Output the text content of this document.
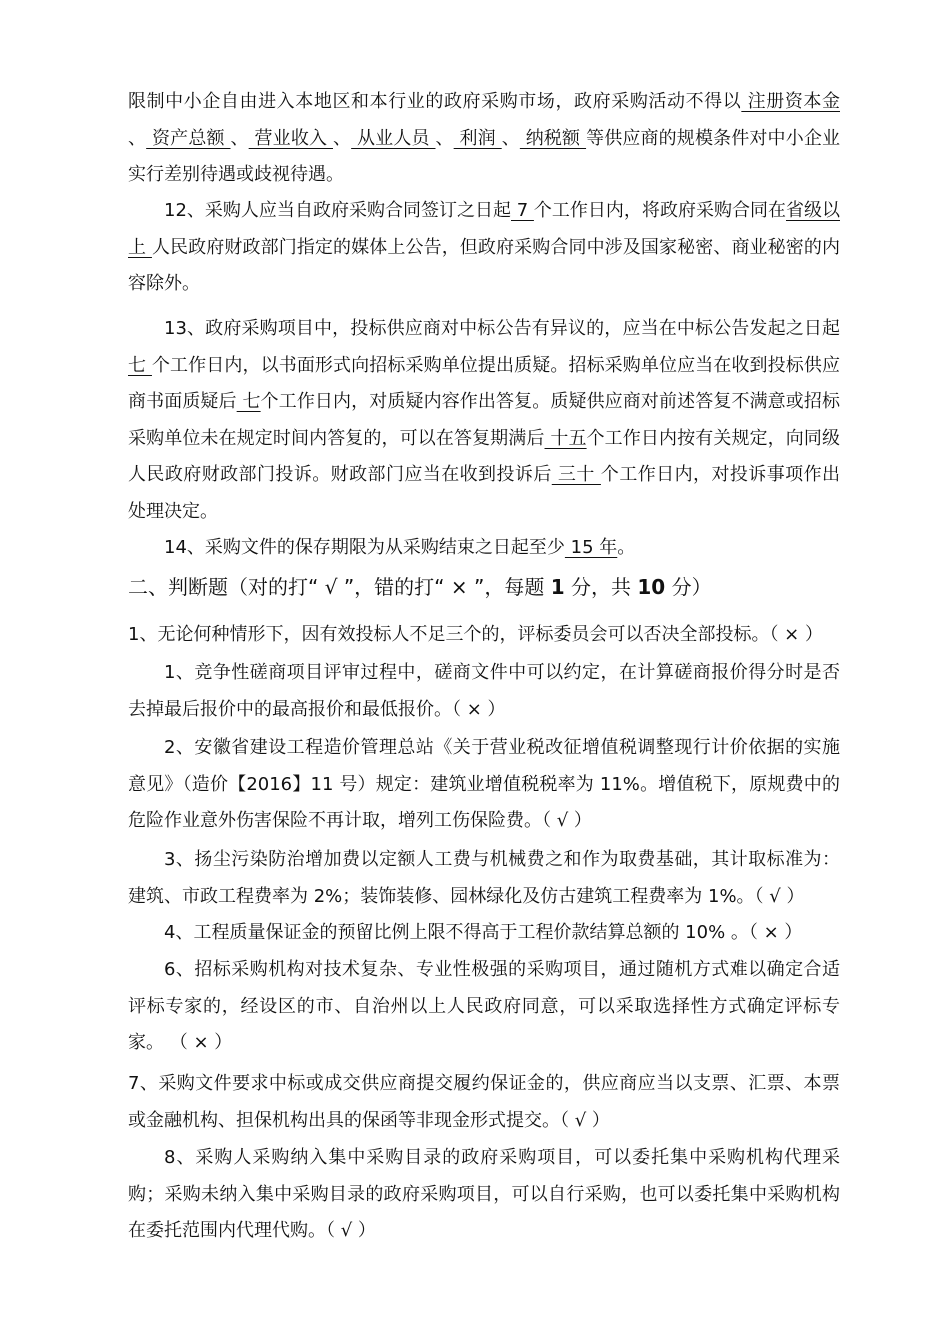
限制中小企自由进入本地区和本行业的政府采购市场，政府采购活动不得以 注册资本金 、 资产总额 、 营业收入 、 从业人员 、 利润 、 纳税额 等供应商的规模条件对中小企业实行差别待遇或歧视待遇。

12、采购人应当自政府采购合同签订之日起 7 个工作日内，将政府采购合同在省级以上 人民政府财政部门指定的媒体上公告，但政府采购合同中涉及国家秘密、商业秘密的内容除外。

13、政府采购项目中，投标供应商对中标公告有异议的，应当在中标公告发起之日起 七 个工作日内，以书面形式向招标采购单位提出质疑。招标采购单位应当在收到投标供应商书面质疑后 七个工作日内，对质疑内容作出答复。质疑供应商对前述答复不满意或招标采购单位未在规定时间内答复的，可以在答复期满后 十五个工作日内按有关规定，向同级人民政府财政部门投诉。财政部门应当在收到投诉后 三十 个工作日内，对投诉事项作出处理决定。

14、采购文件的保存期限为从采购结束之日起至少 15 年。

二、判断题（对的打“ √ ”，错的打“ × ”，每题 1 分，共 10 分）

1、无论何种情形下，因有效投标人不足三个的，评标委员会可以否决全部投标。（ × ）

1、竞争性磋商项目评审过程中，磋商文件中可以约定，在计算磋商报价得分时是否去掉最后报价中的最高报价和最低报价。（ × ）

2、安徽省建设工程造价管理总站《关于营业税改征增值税调整现行计价依据的实施意见》（造价【2016】11 号）规定：建筑业增值税税率为 11%。增值税下，原规费中的危险作业意外伤害保险不再计取，增列工伤保险费。（ √ ）

3、扬尘污染防治增加费以定额人工费与机械费之和作为取费基础，其计取标准为：建筑、市政工程费率为 2%；装饰装修、园林绿化及仿古建筑工程费率为 1%。（ √ ）

4、工程质量保证金的预留比例上限不得高于工程价款结算总额的 10% 。（ × ）

6、招标采购机构对技术复杂、专业性极强的采购项目，通过随机方式难以确定合适评标专家的，经设区的市、自治州以上人民政府同意，可以采取选择性方式确定评标专家。 （ × ）

7、采购文件要求中标或成交供应商提交履约保证金的，供应商应当以支票、汇票、本票或金融机构、担保机构出具的保函等非现金形式提交。（ √ ）

8、采购人采购纳入集中采购目录的政府采购项目，可以委托集中采购机构代理采购；采购未纳入集中采购目录的政府采购项目，可以自行采购，也可以委托集中采购机构在委托范围内代理代购。（ √ ）
